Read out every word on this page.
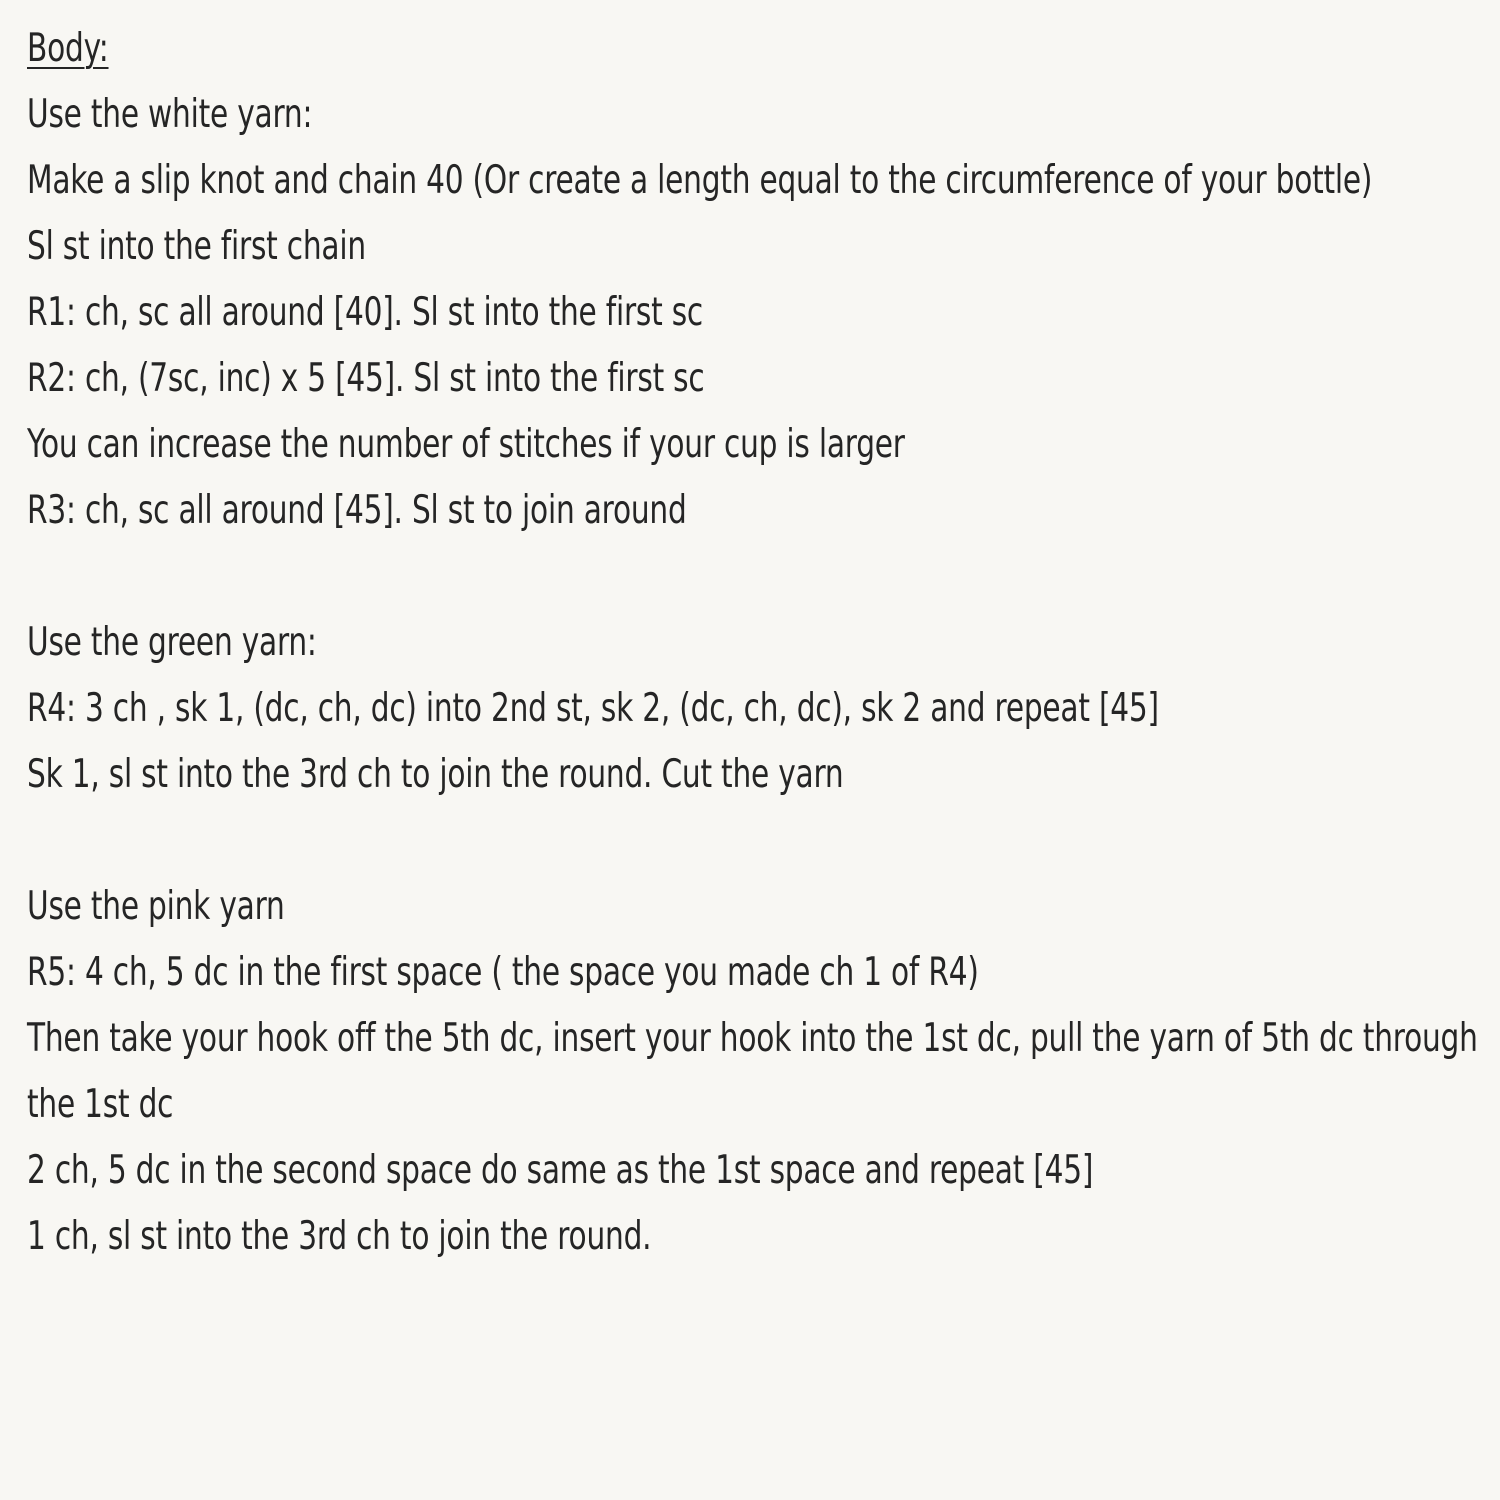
Body:
Use the white yarn:
Make a slip knot and chain 40 (Or create a length equal to the circumference of your bottle)
Sl st into the first chain
R1: ch, sc all around [40]. Sl st into the first sc
R2: ch, (7sc, inc) x 5 [45]. Sl st into the first sc
You can increase the number of stitches if your cup is larger
R3: ch, sc all around [45]. Sl st to join around
Use the green yarn:
R4: 3 ch , sk 1, (dc, ch, dc) into 2nd st, sk 2, (dc, ch, dc), sk 2 and repeat [45]
Sk 1, sl st into the 3rd ch to join the round. Cut the yarn
Use the pink yarn
R5: 4 ch, 5 dc in the first space ( the space you made ch 1 of R4)
Then take your hook off the 5th dc, insert your hook into the 1st dc, pull the yarn of 5th dc through
the 1st dc
2 ch, 5 dc in the second space do same as the 1st space and repeat [45]
1 ch, sl st into the 3rd ch to join the round.
